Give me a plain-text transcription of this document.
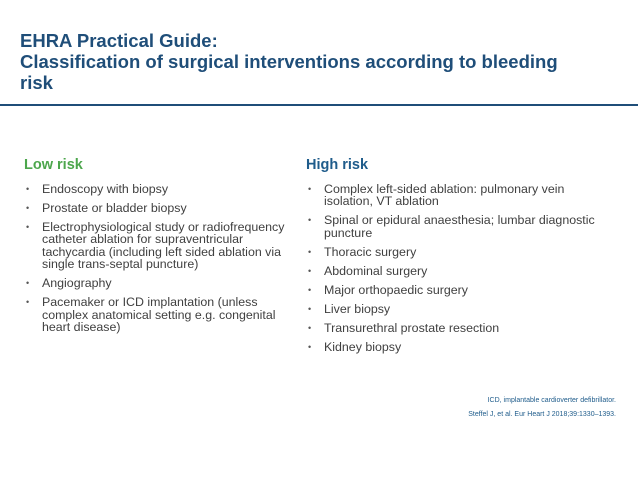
EHRA Practical Guide:
Classification of surgical interventions according to bleeding
risk
Low risk
• Endoscopy with biopsy
• Prostate or bladder biopsy
• Electrophysiological study or radiofrequency catheter ablation for supraventricular tachycardia (including left sided ablation via single trans-septal puncture)
• Angiography
• Pacemaker or ICD implantation (unless complex anatomical setting e.g. congenital heart disease)
High risk
• Complex left-sided ablation: pulmonary vein isolation, VT ablation
• Spinal or epidural anaesthesia; lumbar diagnostic puncture
• Thoracic surgery
• Abdominal surgery
• Major orthopaedic surgery
• Liver biopsy
• Transurethral prostate resection
• Kidney biopsy
ICD, implantable cardioverter defibrillator.
Steffel J, et al. Eur Heart J 2018;39:1330–1393.
